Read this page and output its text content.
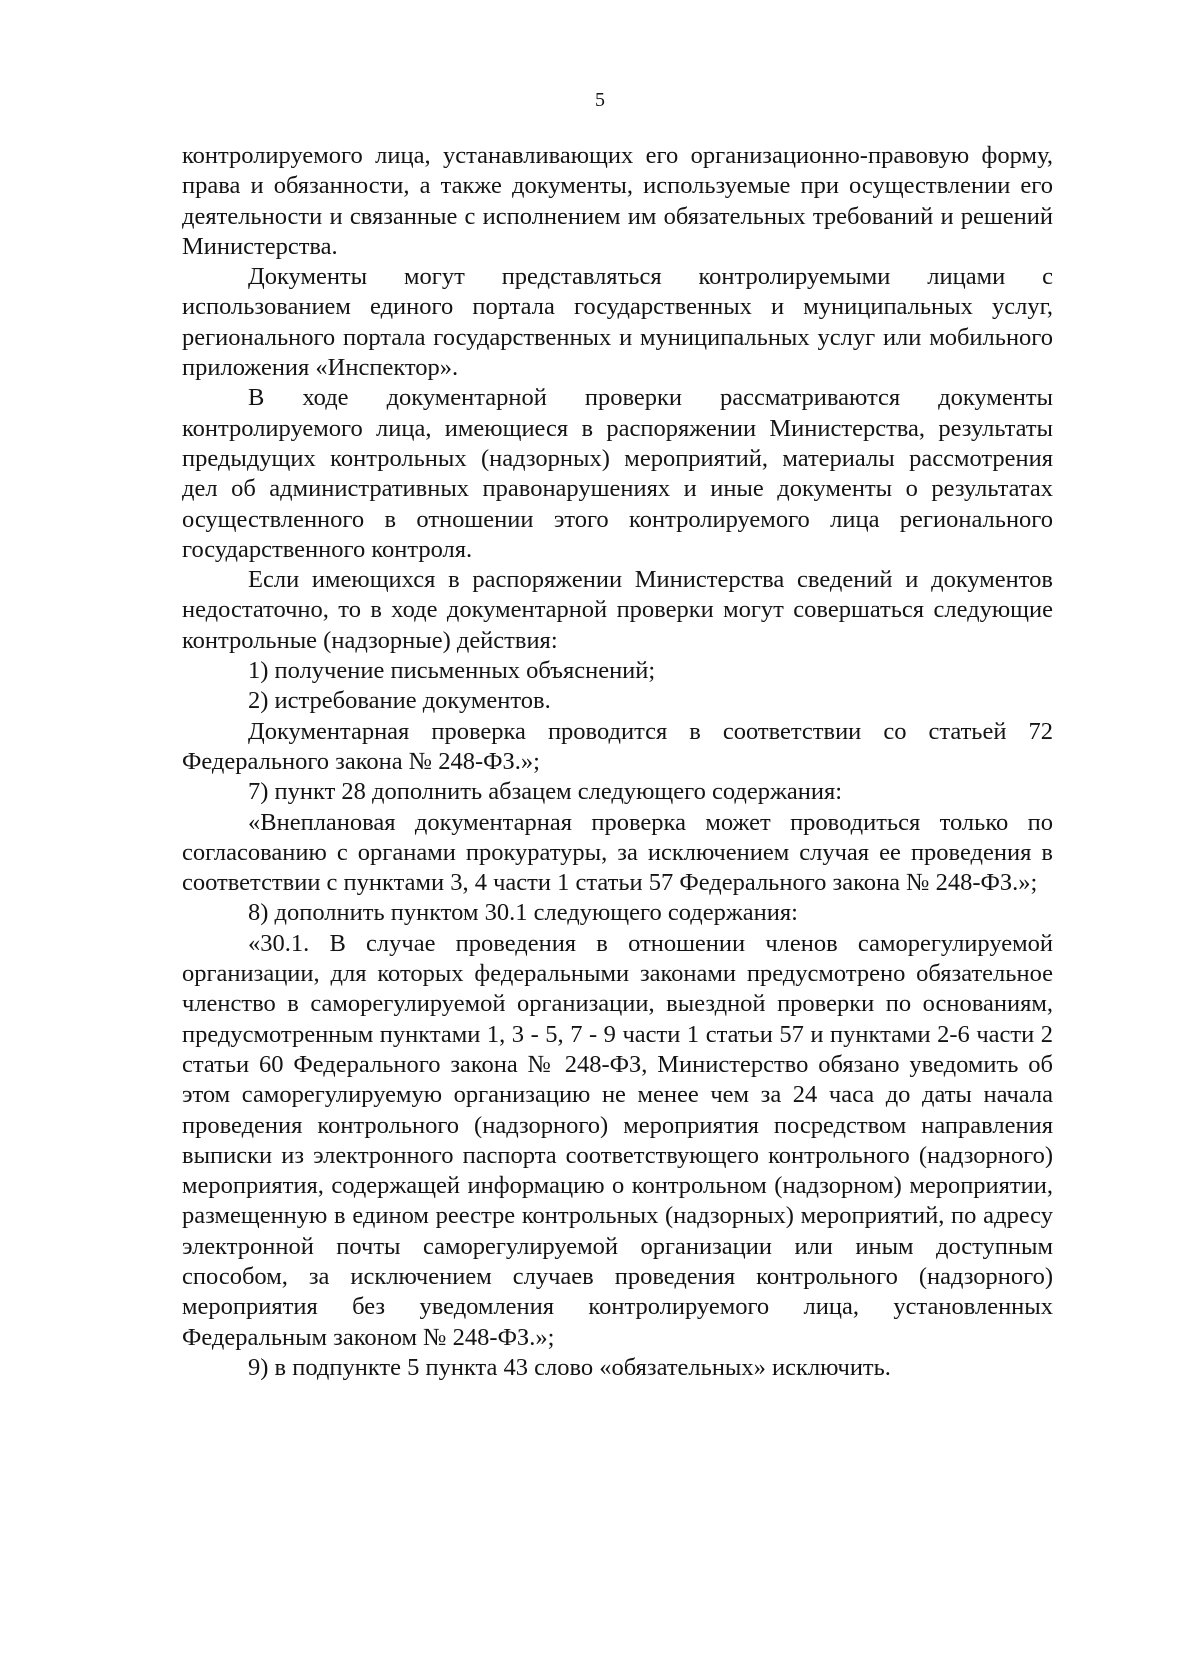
5

контролируемого лица, устанавливающих его организационно-правовую форму, права и обязанности, а также документы, используемые при осуществлении его деятельности и связанные с исполнением им обязательных требований и решений Министерства.

Документы могут представляться контролируемыми лицами с использованием единого портала государственных и муниципальных услуг, регионального портала государственных и муниципальных услуг или мобильного приложения «Инспектор».

В ходе документарной проверки рассматриваются документы контролируемого лица, имеющиеся в распоряжении Министерства, результаты предыдущих контрольных (надзорных) мероприятий, материалы рассмотрения дел об административных правонарушениях и иные документы о результатах осуществленного в отношении этого контролируемого лица регионального государственного контроля.

Если имеющихся в распоряжении Министерства сведений и документов недостаточно, то в ходе документарной проверки могут совершаться следующие контрольные (надзорные) действия:

1) получение письменных объяснений;

2) истребование документов.

Документарная проверка проводится в соответствии со статьей 72 Федерального закона № 248-ФЗ.»;

7) пункт 28 дополнить абзацем следующего содержания:

«Внеплановая документарная проверка может проводиться только по согласованию с органами прокуратуры, за исключением случая ее проведения в соответствии с пунктами 3, 4 части 1 статьи 57 Федерального закона № 248-ФЗ.»;

8) дополнить пунктом 30.1 следующего содержания:

«30.1. В случае проведения в отношении членов саморегулируемой организации, для которых федеральными законами предусмотрено обязательное членство в саморегулируемой организации, выездной проверки по основаниям, предусмотренным пунктами 1, 3 - 5, 7 - 9 части 1 статьи 57 и пунктами 2-6 части 2 статьи 60 Федерального закона № 248-ФЗ, Министерство обязано уведомить об этом саморегулируемую организацию не менее чем за 24 часа до даты начала проведения контрольного (надзорного) мероприятия посредством направления выписки из электронного паспорта соответствующего контрольного (надзорного) мероприятия, содержащей информацию о контрольном (надзорном) мероприятии, размещенную в едином реестре контрольных (надзорных) мероприятий, по адресу электронной почты саморегулируемой организации или иным доступным способом, за исключением случаев проведения контрольного (надзорного) мероприятия без уведомления контролируемого лица, установленных Федеральным законом № 248-ФЗ.»;

9) в подпункте 5 пункта 43 слово «обязательных» исключить.
